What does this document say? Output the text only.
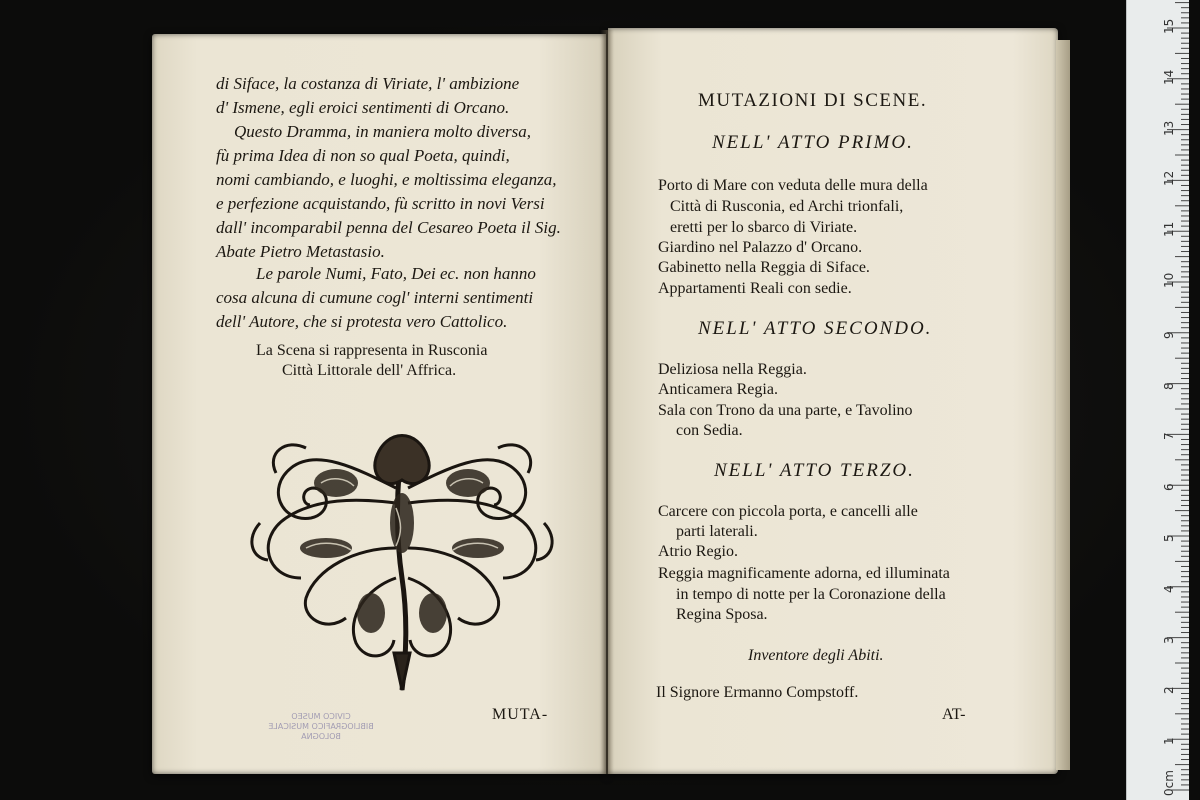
di Siface, la costanza di Viriate, l' ambizione
d' Ismene, egli eroici sentimenti di Orcano.
Questo Dramma, in maniera molto diversa,
fù prima Idea di non so qual Poeta, quindi,
nomi cambiando, e luoghi, e moltissima eleganza,
e perfezione acquistando, fù scritto in novi Versi
dall' incomparabil penna del Cesareo Poeta il Sig.
Abate Pietro Metastasio.
Le parole Numi, Fato, Dei ec. non hanno
cosa alcuna di cumune cogl' interni sentimenti
dell' Autore, che si protesta vero Cattolico.
La Scena si rappresenta in Rusconia
Città Littorale dell' Affrica.
MUTA-
CIVICO MUSEO
BIBLIOGRAFICO MUSICALE
BOLOGNA
MUTAZIONI DI SCENE.
NELL' ATTO PRIMO.
Porto di Mare con veduta delle mura della
Città di Rusconia, ed Archi trionfali,
eretti per lo sbarco di Viriate.
Giardino nel Palazzo d' Orcano.
Gabinetto nella Reggia di Siface.
Appartamenti Reali con sedie.
NELL' ATTO SECONDO.
Deliziosa nella Reggia.
Anticamera Regia.
Sala con Trono da una parte, e Tavolino
con Sedia.
NELL' ATTO TERZO.
Carcere con piccola porta, e cancelli alle
parti laterali.
Atrio Regio.
Reggia magnificamente adorna, ed illuminata
in tempo di notte per la Coronazione della
Regina Sposa.
Inventore degli Abiti.
Il Signore Ermanno Compstoff.
AT-
1
2
3
4
5
6
7
8
9
10
11
12
13
14
15
0cm
